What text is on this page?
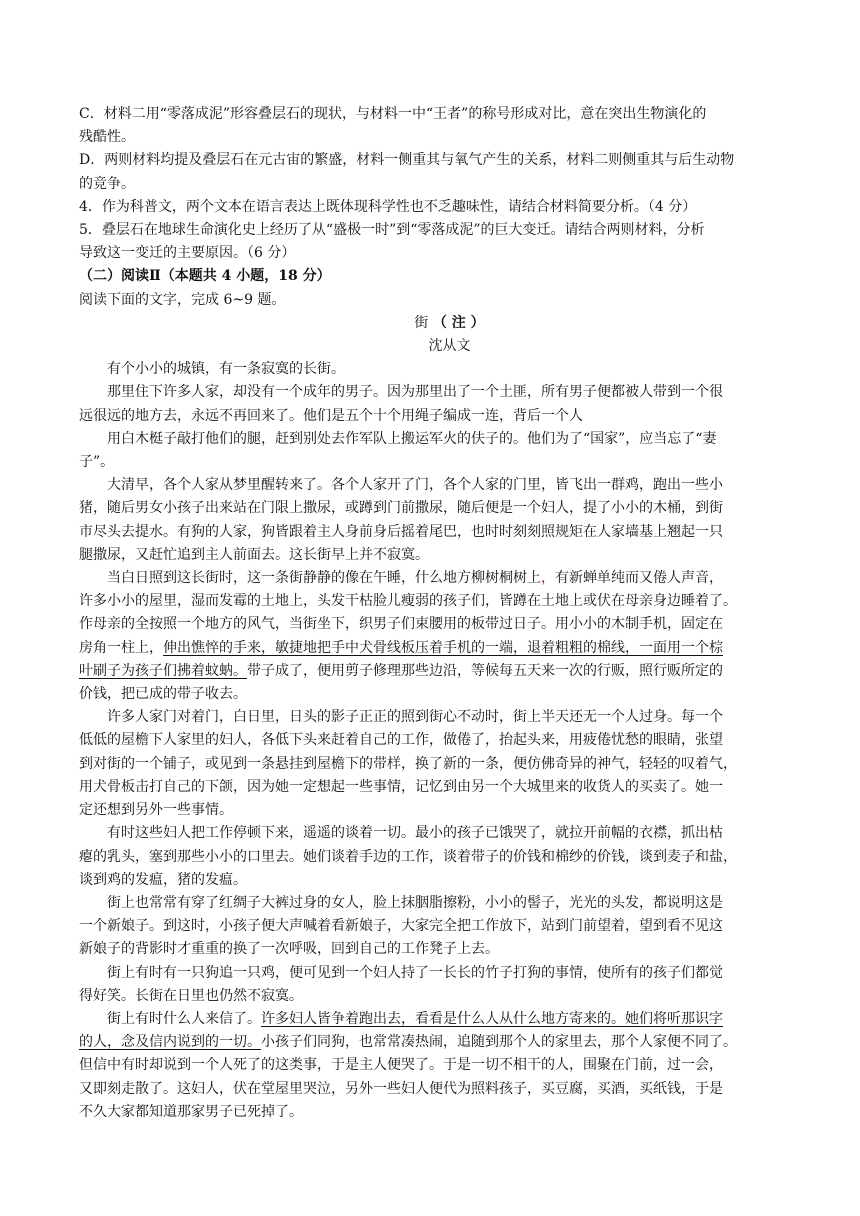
C．材料二用“零落成泥”形容叠层石的现状，与材料一中“王者”的称号形成对比，意在突出生物演化的
残酷性。
D．两则材料均提及叠层石在元古宙的繁盛，材料一侧重其与氧气产生的关系，材料二则侧重其与后生动物
的竞争。
4．作为科普文，两个文本在语言表达上既体现科学性也不乏趣味性，请结合材料简要分析。（4 分）
5．叠层石在地球生命演化史上经历了从“盛极一时”到“零落成泥”的巨大变迁。请结合两则材料，分析
导致这一变迁的主要原因。（6 分）
（二）阅读Ⅱ（本题共 4 小题，18 分）
阅读下面的文字，完成 6~9 题。
街 （ 注 ）
沈从文
有个小小的城镇，有一条寂寞的长街。
那里住下许多人家，却没有一个成年的男子。因为那里出了一个土匪，所有男子便都被人带到一个很
远很远的地方去，永远不再回来了。他们是五个十个用绳子编成一连，背后一个人
用白木梃子敲打他们的腿，赶到别处去作军队上搬运军火的伕子的。他们为了“国家”，应当忘了“妻
子”。
大清早，各个人家从梦里醒转来了。各个人家开了门，各个人家的门里，皆飞出一群鸡，跑出一些小
猪，随后男女小孩子出来站在门限上撒尿，或蹲到门前撒尿，随后便是一个妇人，提了小小的木桶，到街
市尽头去提水。有狗的人家，狗皆跟着主人身前身后摇着尾巴，也时时刻刻照规矩在人家墙基上翘起一只
腿撒尿，又赶忙追到主人前面去。这长街早上并不寂寞。
当白日照到这长街时，这一条街静静的像在午睡，什么地方柳树桐树上，有新蝉单纯而又倦人声音，
许多小小的屋里，湿而发霉的土地上，头发干枯脸儿瘦弱的孩子们，皆蹲在土地上或伏在母亲身边睡着了。
作母亲的全按照一个地方的风气，当街坐下，织男子们束腰用的板带过日子。用小小的木制手机，固定在
房角一柱上，伸出憔悴的手来，敏捷地把手中犬骨线板压着手机的一端，退着粗粗的棉线，一面用一个棕
叶刷子为孩子们拂着蚊蚋。带子成了，便用剪子修理那些边沿，等候每五天来一次的行贩，照行贩所定的
价钱，把已成的带子收去。
许多人家门对着门，白日里，日头的影子正正的照到街心不动时，街上半天还无一个人过身。每一个
低低的屋檐下人家里的妇人，各低下头来赶着自己的工作，做倦了，抬起头来，用疲倦忧愁的眼睛，张望
到对街的一个铺子，或见到一条悬挂到屋檐下的带样，换了新的一条，便仿佛奇异的神气，轻轻的叹着气，
用犬骨板击打自己的下颌，因为她一定想起一些事情，记忆到由另一个大城里来的收货人的买卖了。她一
定还想到另外一些事情。
有时这些妇人把工作停顿下来，遥遥的谈着一切。最小的孩子已饿哭了，就拉开前幅的衣襟，抓出枯
瘪的乳头，塞到那些小小的口里去。她们谈着手边的工作，谈着带子的价钱和棉纱的价钱，谈到麦子和盐，
谈到鸡的发瘟，猪的发瘟。
街上也常常有穿了红绸子大裤过身的女人，脸上抹胭脂擦粉，小小的髻子，光光的头发，都说明这是
一个新娘子。到这时，小孩子便大声喊着看新娘子，大家完全把工作放下，站到门前望着，望到看不见这
新娘子的背影时才重重的换了一次呼吸，回到自己的工作凳子上去。
街上有时有一只狗追一只鸡，便可见到一个妇人持了一长长的竹子打狗的事情，使所有的孩子们都觉
得好笑。长街在日里也仍然不寂寞。
街上有时什么人来信了。许多妇人皆争着跑出去，看看是什么人从什么地方寄来的。她们将听那识字
的人，念及信内说到的一切。小孩子们同狗，也常常凑热闹，追随到那个人的家里去，那个人家便不同了。
但信中有时却说到一个人死了的这类事，于是主人便哭了。于是一切不相干的人，围聚在门前，过一会，
又即刻走散了。这妇人，伏在堂屋里哭泣，另外一些妇人便代为照料孩子，买豆腐，买酒，买纸钱，于是
不久大家都知道那家男子已死掉了。
